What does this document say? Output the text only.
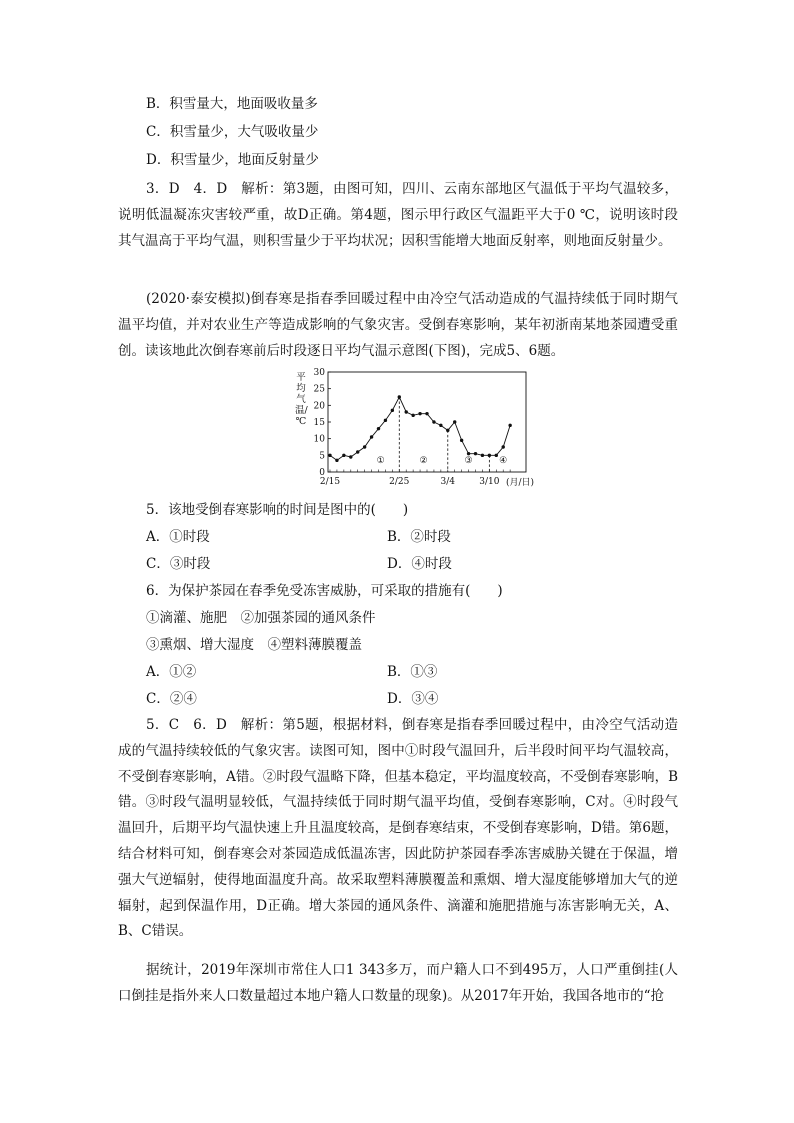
B．积雪量大，地面吸收量多
C．积雪量少，大气吸收量少
D．积雪量少，地面反射量少
3．D　4．D　解析：第3题，由图可知，四川、云南东部地区气温低于平均气温较多，说明低温凝冻灾害较严重，故D正确。第4题，图示甲行政区气温距平大于0 ℃，说明该时段其气温高于平均气温，则积雪量少于平均状况；因积雪能增大地面反射率，则地面反射量少。
(2020·泰安模拟)倒春寒是指春季回暖过程中由冷空气活动造成的气温持续低于同时期气温平均值，并对农业生产等造成影响的气象灾害。受倒春寒影响，某年初浙南某地茶园遭受重创。读该地此次倒春寒前后时段逐日平均气温示意图(下图)，完成5、6题。
平均气温/℃
0
5
10
15
20
25
30
2/15	2/25	3/4	3/10
①	②	③	④
(月/日)
5．该地受倒春寒影响的时间是图中的(　　)
A．①时段	B．②时段
C．③时段	D．④时段
6．为保护茶园在春季免受冻害威胁，可采取的措施有(　　)
①滴灌、施肥　②加强茶园的通风条件
③熏烟、增大湿度　④塑料薄膜覆盖
A．①②	B．①③
C．②④	D．③④
5．C　6．D　解析：第5题，根据材料，倒春寒是指春季回暖过程中，由冷空气活动造成的气温持续较低的气象灾害。读图可知，图中①时段气温回升，后半段时间平均气温较高，不受倒春寒影响，A错。②时段气温略下降，但基本稳定，平均温度较高，不受倒春寒影响，B错。③时段气温明显较低，气温持续低于同时期气温平均值，受倒春寒影响，C对。④时段气温回升，后期平均气温快速上升且温度较高，是倒春寒结束，不受倒春寒影响，D错。第6题，结合材料可知，倒春寒会对茶园造成低温冻害，因此防护茶园春季冻害威胁关键在于保温，增强大气逆辐射，使得地面温度升高。故采取塑料薄膜覆盖和熏烟、增大湿度能够增加大气的逆辐射，起到保温作用，D正确。增大茶园的通风条件、滴灌和施肥措施与冻害影响无关，A、B、C错误。
据统计，2019年深圳市常住人口1 343多万，而户籍人口不到495万，人口严重倒挂(人口倒挂是指外来人口数量超过本地户籍人口数量的现象)。从2017年开始，我国各地市的“抢
